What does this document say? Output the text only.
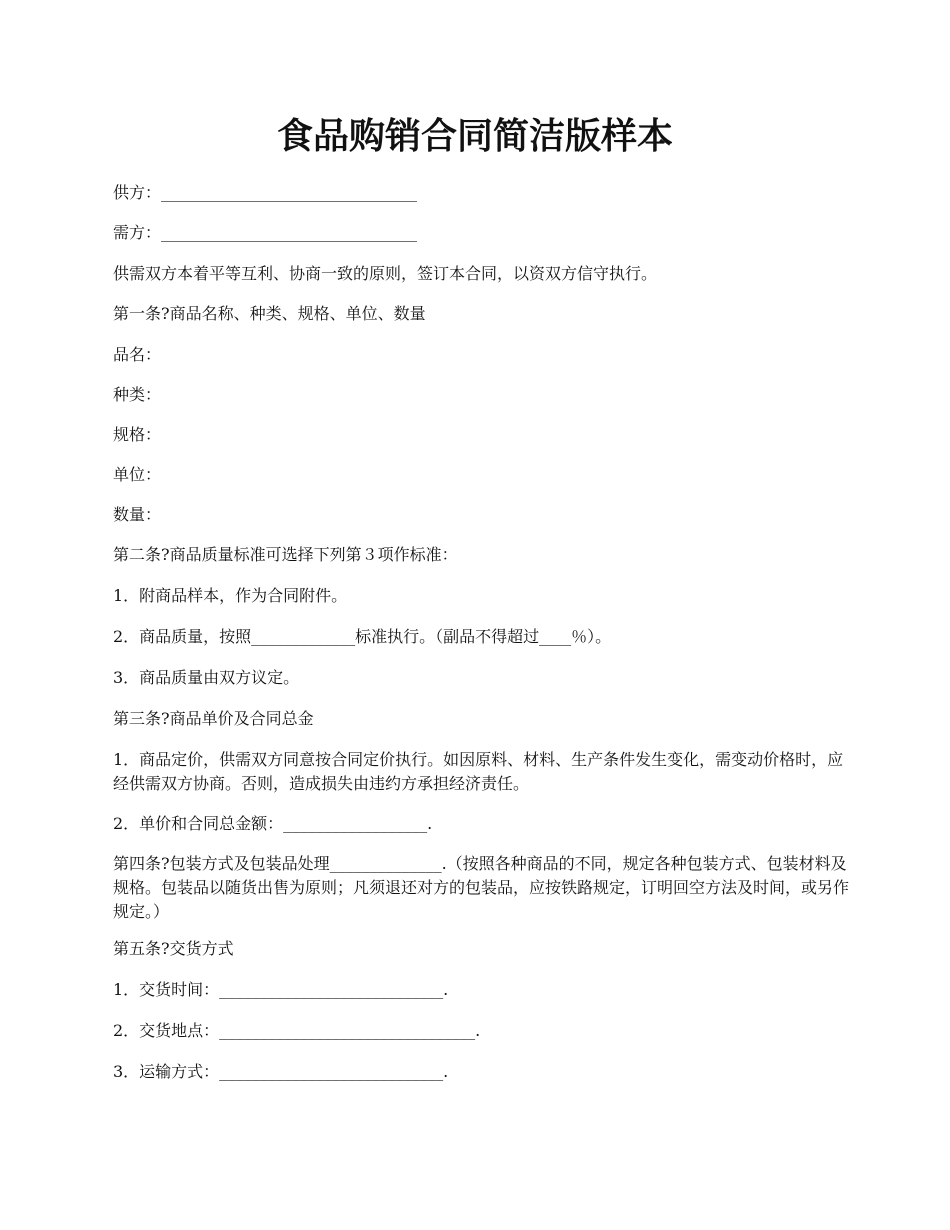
食品购销合同简洁版样本

供方：________________________________

需方：________________________________

供需双方本着平等互利、协商一致的原则，签订本合同，以资双方信守执行。

第一条?商品名称、种类、规格、单位、数量

品名：

种类：

规格：

单位：

数量：

第二条?商品质量标准可选择下列第３项作标准：

1．附商品样本，作为合同附件。

2．商品质量，按照_____________标准执行。（副品不得超过____％）。

3．商品质量由双方议定。

第三条?商品单价及合同总金

1．商品定价，供需双方同意按合同定价执行。如因原料、材料、生产条件发生变化，需变动价格时，应经供需双方协商。否则，造成损失由违约方承担经济责任。

2．单价和合同总金额：__________________.

第四条?包装方式及包装品处理______________.（按照各种商品的不同，规定各种包装方式、包装材料及规格。包装品以随货出售为原则；凡须退还对方的包装品，应按铁路规定，订明回空方法及时间，或另作规定。）

第五条?交货方式

1．交货时间：____________________________.

2．交货地点：________________________________.

3．运输方式：____________________________.
